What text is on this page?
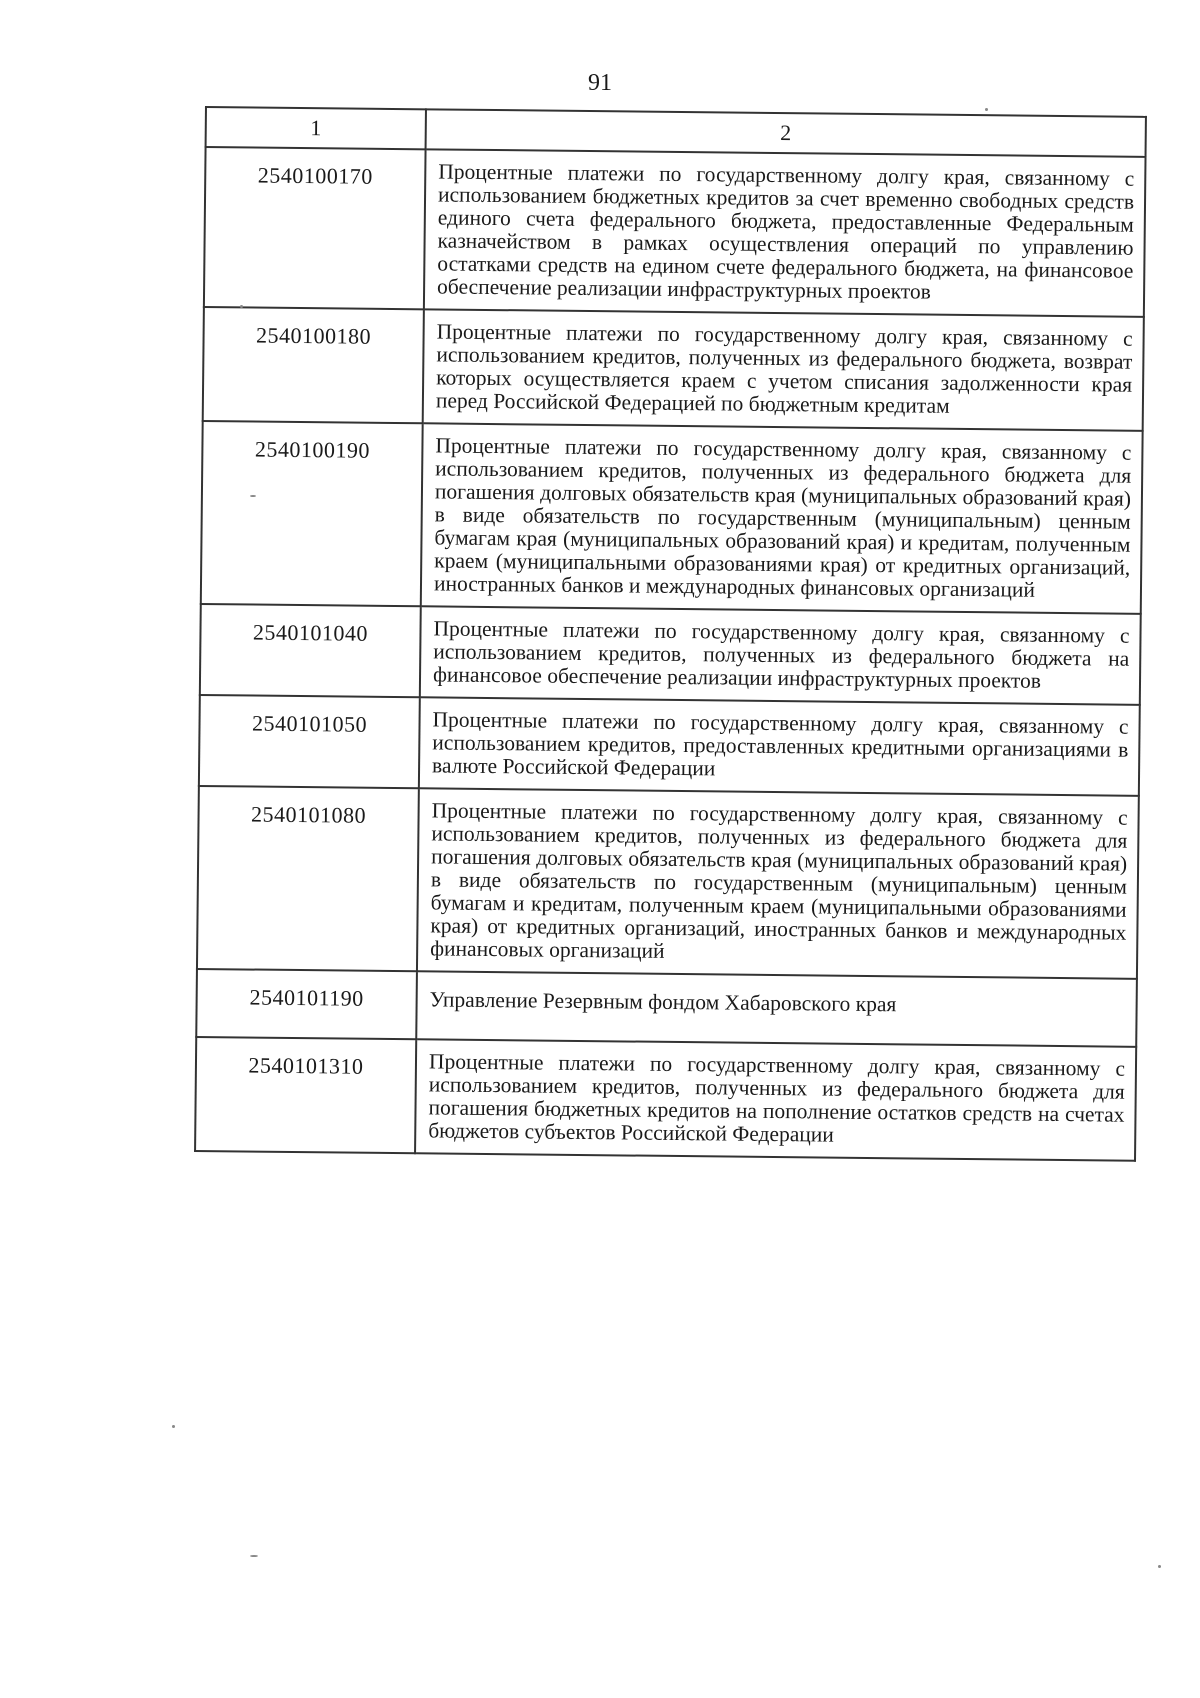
91
1	2
2540100170	Процентные платежи по государственному долгу края, связанному с использованием бюджетных кредитов за счет временно свободных средств единого счета федерального бюджета, предоставленные Федеральным казначейством в рамках осуществления операций по управлению остатками средств на едином счете федерального бюджета, на финансовое обеспечение реализации инфраструктурных проектов
2540100180	Процентные платежи по государственному долгу края, связанному с использованием кредитов, полученных из федерального бюджета, возврат которых осуществляется краем с учетом списания задолженности края перед Российской Федерацией по бюджетным кредитам
2540100190	Процентные платежи по государственному долгу края, связанному с использованием кредитов, полученных из федерального бюджета для погашения долговых обязательств края (муниципальных образований края) в виде обязательств по государственным (муниципальным) ценным бумагам края (муниципальных образований края) и кредитам, полученным краем (муниципальными образованиями края) от кредитных организаций, иностранных банков и международных финансовых организаций
2540101040	Процентные платежи по государственному долгу края, связанному с использованием кредитов, полученных из федерального бюджета на финансовое обеспечение реализации инфраструктурных проектов
2540101050	Процентные платежи по государственному долгу края, связанному с использованием кредитов, предоставленных кредитными организациями в валюте Российской Федерации
2540101080	Процентные платежи по государственному долгу края, связанному с использованием кредитов, полученных из федерального бюджета для погашения долговых обязательств края (муниципальных образований края) в виде обязательств по государственным (муниципальным) ценным бумагам и кредитам, полученным краем (муниципальными образованиями края) от кредитных организаций, иностранных банков и международных финансовых организаций
2540101190	Управление Резервным фондом Хабаровского края
2540101310	Процентные платежи по государственному долгу края, связанному с использованием кредитов, полученных из федерального бюджета для погашения бюджетных кредитов на пополнение остатков средств на счетах бюджетов субъектов Российской Федерации
